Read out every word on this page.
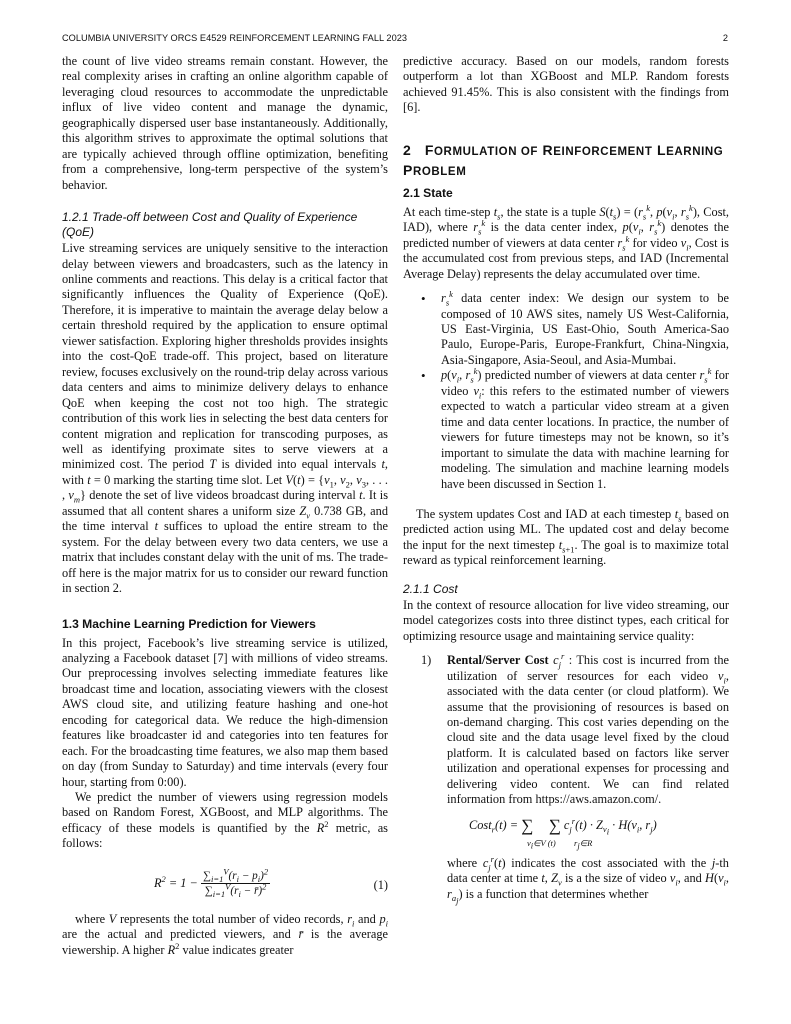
COLUMBIA UNIVERSITY ORCS E4529 REINFORCEMENT LEARNING FALL 2023	2

the count of live video streams remain constant. However, the real complexity arises in crafting an online algorithm capable of leveraging cloud resources to accommodate the unpredictable influx of live video content and manage the dynamic, geographically dispersed user base instantaneously. Additionally, this algorithm strives to approximate the optimal solutions that are typically achieved through offline optimization, benefiting from a comprehensive, long-term perspective of the system’s behavior.

1.2.1 Trade-off between Cost and Quality of Experience (QoE)

Live streaming services are uniquely sensitive to the interaction delay between viewers and broadcasters, such as the latency in online comments and reactions. This delay is a critical factor that significantly influences the Quality of Experience (QoE). Therefore, it is imperative to maintain the average delay below a certain threshold required by the application to ensure optimal viewer satisfaction. Exploring higher thresholds provides insights into the cost-QoE trade-off. This project, based on literature review, focuses exclusively on the round-trip delay across various data centers and aims to minimize delivery delays to enhance QoE when keeping the cost not too high. The strategic contribution of this work lies in selecting the best data centers for content migration and replication for transcoding purposes, as well as identifying proximate sites to serve viewers at a minimized cost. The period T is divided into equal intervals t, with t = 0 marking the starting time slot. Let $V(t) = \{v_1$, $v_2$, $v_3$, . . . , $v_m$} denote the set of live videos broadcast during interval t. It is assumed that all content shares a uniform size $Z_v$ 0.738 GB, and the time interval t suffices to upload the entire stream to the system. For the delay between every two data centers, we use a matrix that includes constant delay with the unit of ms. The trade-off here is the major matrix for us to consider our reward function in section 2.

1.3 Machine Learning Prediction for Viewers

In this project, Facebook’s live streaming service is utilized, analyzing a Facebook dataset [7] with millions of video streams. Our preprocessing involves selecting immediate features like broadcast time and location, associating viewers with the closest AWS cloud site, and utilizing feature hashing and one-hot encoding for categorical data. We reduce the high-dimension features like broadcaster id and categories into ten features for each. For the broadcasting time features, we also map them based on day (from Sunday to Saturday) and time intervals (every four hour, starting from 0:00).

We predict the number of viewers using regression models based on Random Forest, XGBoost, and MLP algorithms. The efficacy of these models is quantified by the $R^2$ metric, as follows:

$R^2 = 1 - \frac{\sum_{i=1}^V(r_i - p_i)^2}{\sum_{i=1}^V(r_i - r̄)^2}$	(1)

where V represents the total number of video records, $r_i$ and $p_i$ are the actual and predicted viewers, and r̄ is the average viewership. A higher $R^2$ value indicates greater

predictive accuracy. Based on our models, random forests outperform a lot than XGBoost and MLP. Random forests achieved 91.45%. This is also consistent with the findings from [6].

2   FORMULATION OF REINFORCEMENT LEARNING
PROBLEM
2.1 State

At each time-step $t_s$, the state is a tuple $S(t_s) = (r_s^k$, $p(v_i$, $r_s^k$), Cost, IAD), where $r_s^k$ is the data center index, $p(v_i$, $r_s^k$) denotes the predicted number of viewers at data center $r_s^k$ for video $v_i$, Cost is the accumulated cost from previous steps, and IAD (Incremental Average Delay) represents the delay accumulated over time.

• $r_s^k$ data center index: We design our system to be composed of 10 AWS sites, namely US West-California, US East-Virginia, US East-Ohio, South America-Sao Paulo, Europe-Paris, Europe-Frankfurt, China-Ningxia, Asia-Singapore, Asia-Seoul, and Asia-Mumbai.
• $p(v_i$, $r_s^k$) predicted number of viewers at data center $r_s^k$ for video $v_i$: this refers to the estimated number of viewers expected to watch a particular video stream at a given time and data center locations. In practice, the number of viewers for future timesteps may not be known, so it’s important to simulate the data with machine learning for modeling. The simulation and machine learning models have been discussed in Section 1.

The system updates Cost and IAD at each timestep $t_s$ based on predicted action using ML. The updated cost and delay become the input for the next timestep $t_{s+1}$. The goal is to maximize total reward as typical reinforcement learning.

2.1.1 Cost

In the context of resource allocation for live video streaming, our model categorizes costs into three distinct types, each critical for optimizing resource usage and maintaining service quality:

1) Rental/Server Cost $c_j^r$ : This cost is incurred from the utilization of server resources for each video $v_i$, associated with the data center (or cloud platform). We assume that the provisioning of resources is based on on-demand charging. This cost varies depending on the cloud site and the data usage level fixed by the cloud platform. It is calculated based on factors like server utilization and operational expenses for processing and delivering video content. We can find related information from https://aws.amazon.com/.
Cost$_r$(t) = ∑ ∑ $c_j^r(t) \cdot Z_{v_i} \cdot H(v_i$, $r_j$)
$v_i\in V$ (t) $r_j\in R$
where $c_j^r(t)$ indicates the cost associated with the j-th data center at time t, $Z_v$ is a the size of video $v_i$, and $H(v_i$, $r_{a_j}$) is a function that determines whether
